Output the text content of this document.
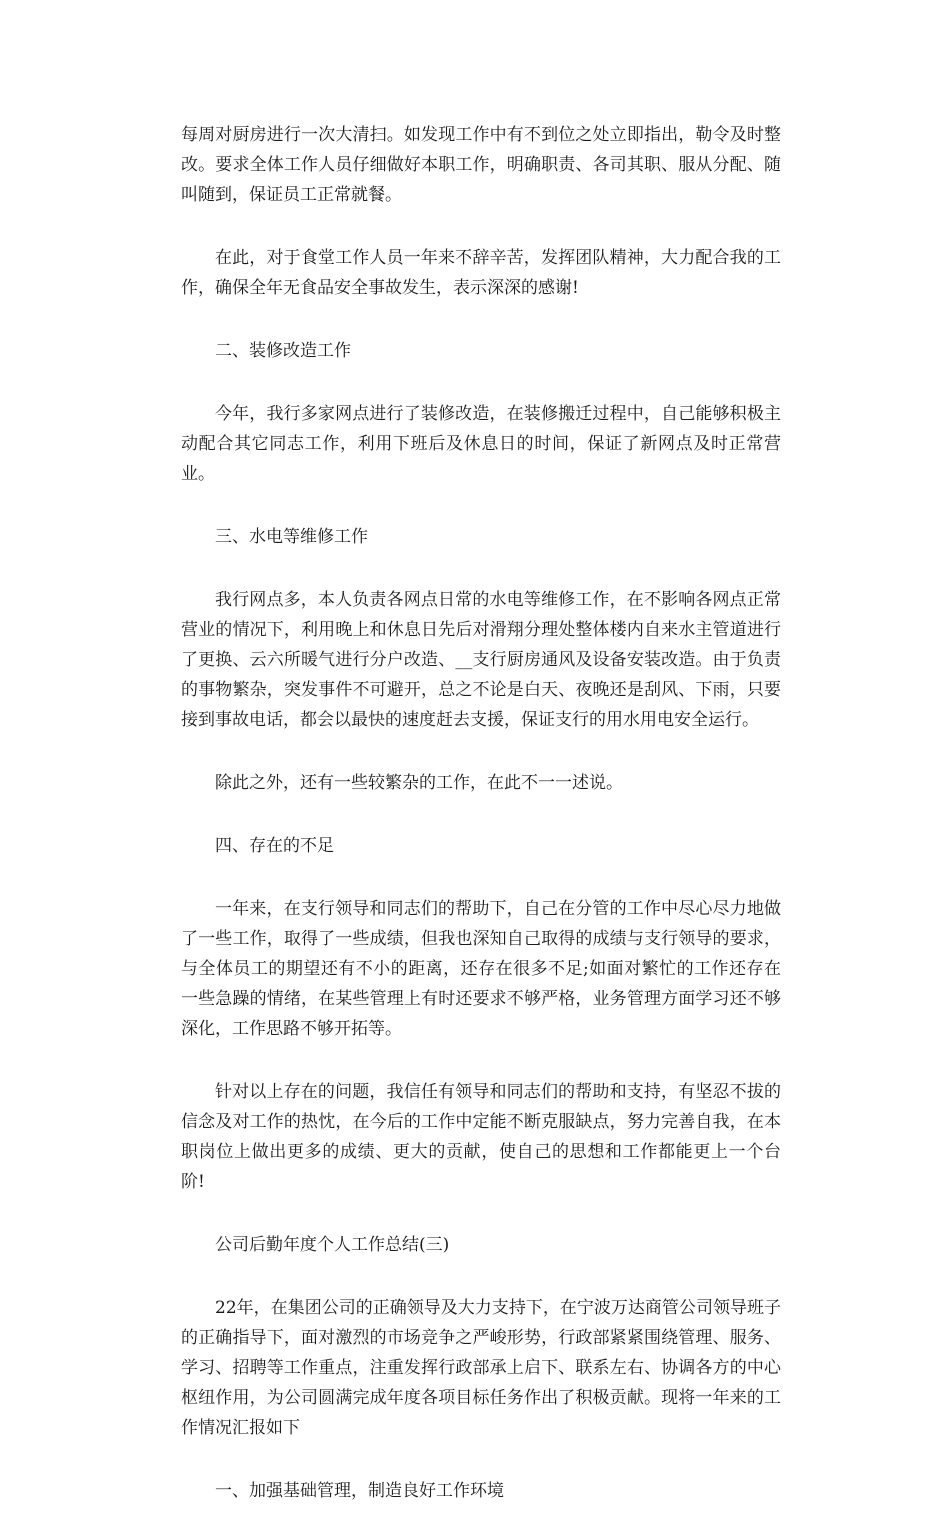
每周对厨房进行一次大清扫。如发现工作中有不到位之处立即指出，勒令及时整改。要求全体工作人员仔细做好本职工作，明确职责、各司其职、服从分配、随叫随到，保证员工正常就餐。

在此，对于食堂工作人员一年来不辞辛苦，发挥团队精神，大力配合我的工作，确保全年无食品安全事故发生，表示深深的感谢!

二、装修改造工作

今年，我行多家网点进行了装修改造，在装修搬迁过程中，自己能够积极主动配合其它同志工作，利用下班后及休息日的时间，保证了新网点及时正常营业。

三、水电等维修工作

我行网点多，本人负责各网点日常的水电等维修工作，在不影响各网点正常营业的情况下，利用晚上和休息日先后对滑翔分理处整体楼内自来水主管道进行了更换、云六所暖气进行分户改造、__支行厨房通风及设备安装改造。由于负责的事物繁杂，突发事件不可避开，总之不论是白天、夜晚还是刮风、下雨，只要接到事故电话，都会以最快的速度赶去支援，保证支行的用水用电安全运行。

除此之外，还有一些较繁杂的工作，在此不一一述说。

四、存在的不足

一年来，在支行领导和同志们的帮助下，自己在分管的工作中尽心尽力地做了一些工作，取得了一些成绩，但我也深知自己取得的成绩与支行领导的要求，与全体员工的期望还有不小的距离，还存在很多不足;如面对繁忙的工作还存在一些急躁的情绪，在某些管理上有时还要求不够严格，业务管理方面学习还不够深化，工作思路不够开拓等。

针对以上存在的问题，我信任有领导和同志们的帮助和支持，有坚忍不拔的信念及对工作的热忱，在今后的工作中定能不断克服缺点，努力完善自我，在本职岗位上做出更多的成绩、更大的贡献，使自己的思想和工作都能更上一个台阶!

公司后勤年度个人工作总结(三)

22年，在集团公司的正确领导及大力支持下，在宁波万达商管公司领导班子的正确指导下，面对激烈的市场竞争之严峻形势，行政部紧紧围绕管理、服务、学习、招聘等工作重点，注重发挥行政部承上启下、联系左右、协调各方的中心枢纽作用，为公司圆满完成年度各项目标任务作出了积极贡献。现将一年来的工作情况汇报如下

一、加强基础管理，制造良好工作环境
